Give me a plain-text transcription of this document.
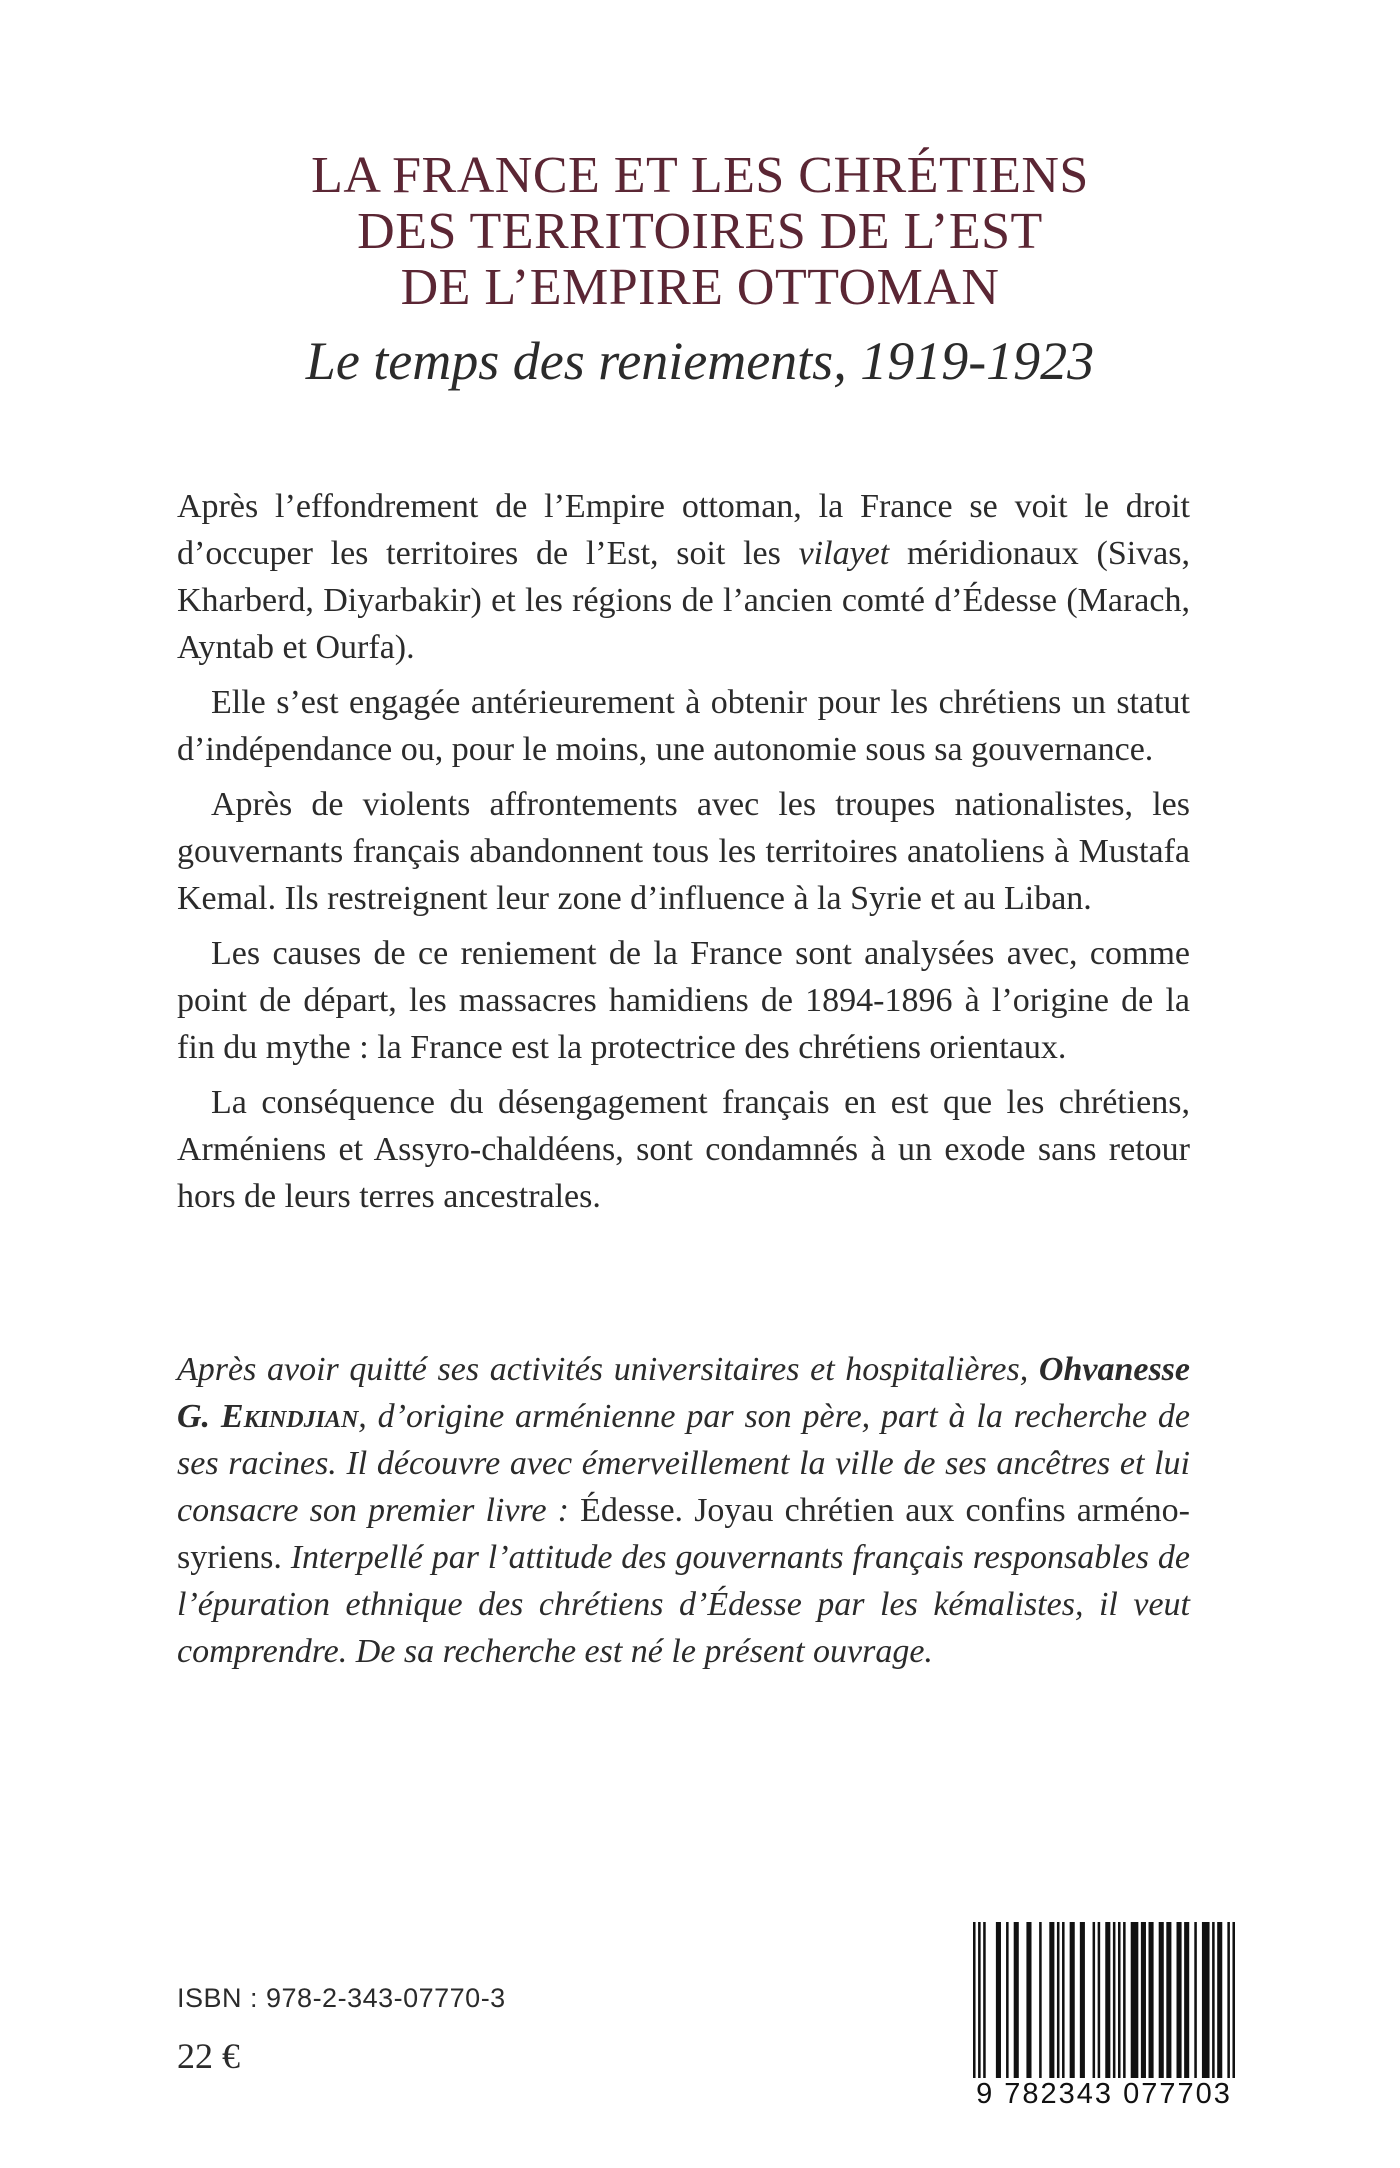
LA FRANCE ET LES CHRÉTIENS
DES TERRITOIRES DE L’EST
DE L’EMPIRE OTTOMAN
Le temps des reniements, 1919-1923

Après l’effondrement de l’Empire ottoman, la France se voit le droit d’occuper les territoires de l’Est, soit les vilayet méridionaux (Sivas, Kharberd, Diyarbakir) et les régions de l’ancien comté d’Édesse (Marach, Ayntab et Ourfa).

Elle s’est engagée antérieurement à obtenir pour les chrétiens un statut d’indépendance ou, pour le moins, une autonomie sous sa gouvernance.

Après de violents affrontements avec les troupes nationalistes, les gouvernants français abandonnent tous les territoires anatoliens à Mustafa Kemal. Ils restreignent leur zone d’influence à la Syrie et au Liban.

Les causes de ce reniement de la France sont analysées avec, comme point de départ, les massacres hamidiens de 1894-1896 à l’origine de la fin du mythe : la France est la protectrice des chrétiens orientaux.

La conséquence du désengagement français en est que les chrétiens, Arméniens et Assyro-chaldéens, sont condamnés à un exode sans retour hors de leurs terres ancestrales.

Après avoir quitté ses activités universitaires et hospitalières, Ohvanesse G. Ekindjian, d’origine arménienne par son père, part à la recherche de ses racines. Il découvre avec émerveillement la ville de ses ancêtres et lui consacre son premier livre : Édesse. Joyau chrétien aux confins arméno-syriens. Interpellé par l’attitude des gouvernants français responsables de l’épuration ethnique des chrétiens d’Édesse par les kémalistes, il veut comprendre. De sa recherche est né le présent ouvrage.

ISBN : 978-2-343-07770-3
22 €
9 782343 077703
